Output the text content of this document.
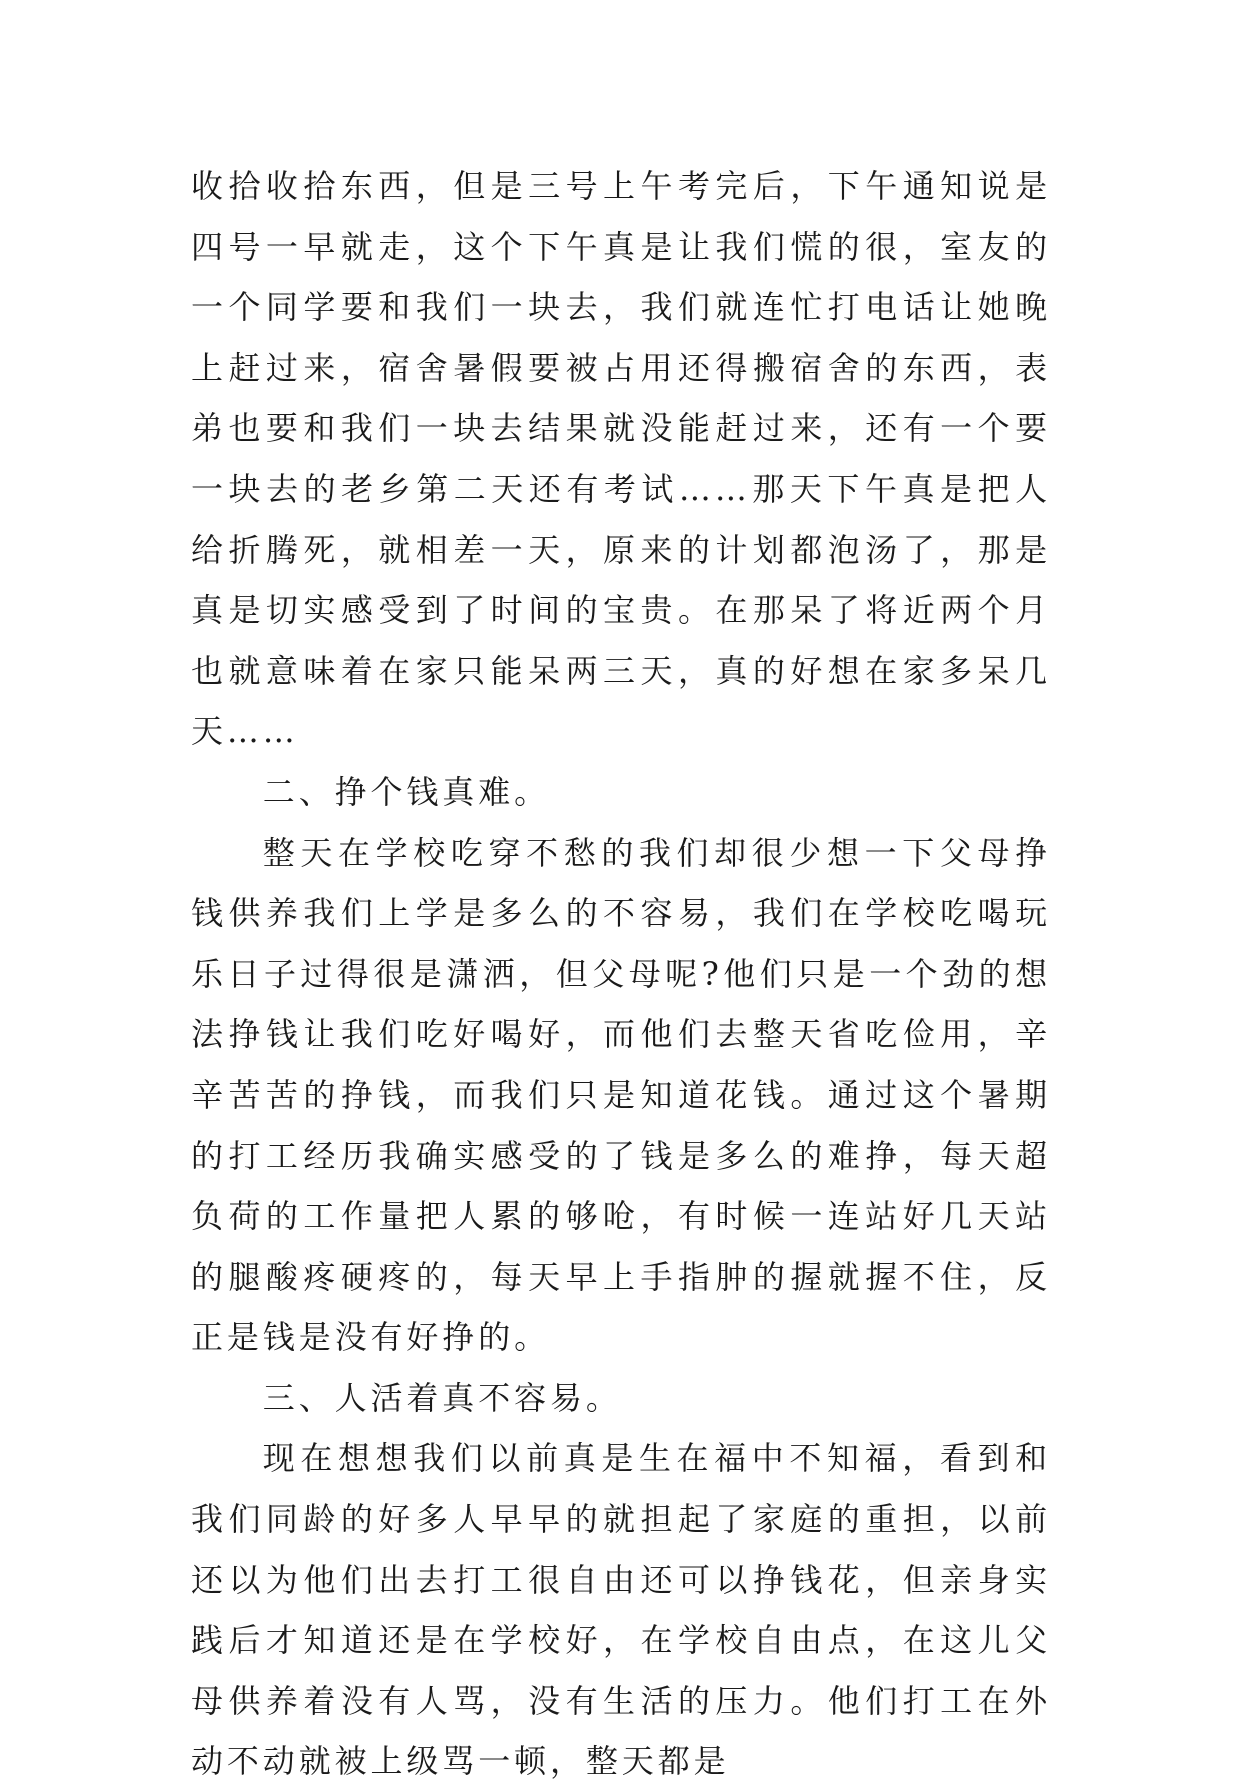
收拾收拾东西，但是三号上午考完后，下午通知说是四号一早就走，这个下午真是让我们慌的很，室友的一个同学要和我们一块去，我们就连忙打电话让她晚上赶过来，宿舍暑假要被占用还得搬宿舍的东西，表弟也要和我们一块去结果就没能赶过来，还有一个要一块去的老乡第二天还有考试……那天下午真是把人给折腾死，就相差一天，原来的计划都泡汤了，那是真是切实感受到了时间的宝贵。在那呆了将近两个月也就意味着在家只能呆两三天，真的好想在家多呆几天……

二、挣个钱真难。

整天在学校吃穿不愁的我们却很少想一下父母挣钱供养我们上学是多么的不容易，我们在学校吃喝玩乐日子过得很是潇洒，但父母呢?他们只是一个劲的想法挣钱让我们吃好喝好，而他们去整天省吃俭用，辛辛苦苦的挣钱，而我们只是知道花钱。通过这个暑期的打工经历我确实感受的了钱是多么的难挣，每天超负荷的工作量把人累的够呛，有时候一连站好几天站的腿酸疼硬疼的，每天早上手指肿的握就握不住，反正是钱是没有好挣的。

三、人活着真不容易。

现在想想我们以前真是生在福中不知福，看到和我们同龄的好多人早早的就担起了家庭的重担，以前还以为他们出去打工很自由还可以挣钱花，但亲身实践后才知道还是在学校好，在学校自由点，在这儿父母供养着没有人骂，没有生活的压力。他们打工在外动不动就被上级骂一顿，整天都是
